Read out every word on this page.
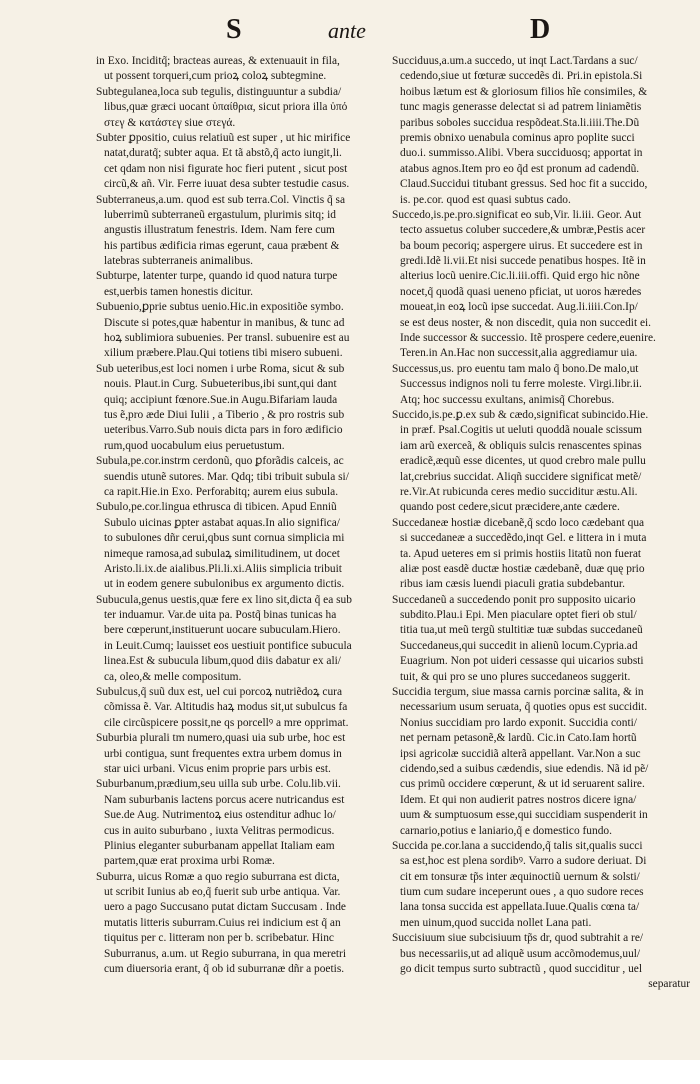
S	ante	D
in Exo. Inciditq̃; bracteas aureas, & extenuauit in fila,
ut possent torqueri,cum prioꝝ coloꝝ subtegmine.
Subtegulanea,loca sub tegulis, distinguuntur a subdia/
libus,quæ græci uocant ὑπαίθρια, sicut priora illa ὑπό
στεγ & κατάστεγ siue στεγά.
Subter ꝑpositio, cuius relatiuũ est super , ut hic mirifice
natat,duratq̃; subter aqua. Et tã abstõ,q̃ acto iungit,li.
cet qdam non nisi figurate hoc fieri putent , sicut post
circũ,& añ. Vir. Ferre iuuat desa subter testudie casus.
Subterraneus,a.um. quod est sub terra.Col. Vinctis q̃ sa
luberrimũ subterraneũ ergastulum, plurimis sitq; id
angustis illustratum fenestris. Idem. Nam fere cum
his partibus ædificia rimas egerunt, caua præbent &
latebras subterraneis animalibus.
Subturpe, latenter turpe, quando id quod natura turpe
est,uerbis tamen honestis dicitur.
Subuenio,ꝑprie subtus uenio.Hic.in expositiõe symbo.
Discute si potes,quæ habentur in manibus, & tunc ad
hoꝝ sublimiora subuenies. Per transl. subuenire est au
xilium præbere.Plau.Qui totiens tibi misero subueni.
Sub ueteribus,est loci nomen i urbe Roma, sicut & sub
nouis. Plaut.in Curg. Subueteribus,ibi sunt,qui dant
quiq; accipiunt fœnore.Sue.in Augu.Bifariam lauda
tus ẽ,pro æde Diui Iulii , a Tiberio , & pro rostris sub
ueteribus.Varro.Sub nouis dicta pars in foro ædificio
rum,quod uocabulum eius peruetustum.
Subula,pe.cor.instrm cerdonũ, quo ꝑforãdis calceis, ac
suendis utunẽ sutores. Mar. Qdq; tibi tribuit subula si/
ca rapit.Hie.in Exo. Perforabitq; aurem eius subula.
Subulo,pe.cor.lingua ethrusca di tibicen. Apud Enniũ
Subulo uicinas ꝑpter astabat aquas.In alio significa/
to subulones dñr cerui,qbus sunt cornua simplicia mi
nimeque ramosa,ad subulaꝝ similitudinem, ut docet
Aristo.li.ix.de aialibus.Pli.li.xi.Aliis simplicia tribuit
ut in eodem genere subulonibus ex argumento dictis.
Subucula,genus uestis,quæ fere ex lino sit,dicta q̃ ea sub
ter induamur. Var.de uita pa. Postq̃ binas tunicas ha
bere cœperunt,instituerunt uocare subuculam.Hiero.
in Leuit.Cumq; lauisset eos uestiuit pontifice subucula
linea.Est & subucula libum,quod diis dabatur ex ali/
ca, oleo,& melle compositum.
Subulcus,q̃ suũ dux est, uel cui porcoꝝ nutriẽdoꝝ cura
cõmissa ẽ. Var. Altitudis haꝝ modus sit,ut subulcus fa
cile circũspicere possit,ne qs porcellꝰ a mre opprimat.
Suburbia plurali tm numero,quasi uia sub urbe, hoc est
urbi contigua, sunt frequentes extra urbem domus in
star uici urbani. Vicus enim proprie pars urbis est.
Suburbanum,prædium,seu uilla sub urbe. Colu.lib.vii.
Nam suburbanis lactens porcus acere nutricandus est
Sue.de Aug. Nutrimentoꝝ eius ostenditur adhuc lo/
cus in auito suburbano , iuxta Velitras permodicus.
Plinius eleganter suburbanam appellat Italiam eam
partem,quæ erat proxima urbi Romæ.
Suburra, uicus Romæ a quo regio suburrana est dicta,
ut scribit Iunius ab eo,q̃ fuerit sub urbe antiqua. Var.
uero a pago Succusano putat dictam Succusam . Inde
mutatis litteris suburram.Cuius rei indicium est q̃ an
tiquitus per c. litteram non per b. scribebatur. Hinc
Suburranus, a.um. ut Regio suburrana, in qua meretri
cum diuersoria erant, q̃ ob id suburranæ dñr a poetis.
Succiduus,a.um.a succedo, ut inqt Lact.Tardans a suc/
cedendo,siue ut fœturæ succedẽs di. Pri.in epistola.Si
hoibus lætum est & gloriosum filios hĩe consimiles, &
tunc magis generasse delectat si ad patrem liniamẽtis
paribus soboles succidua respõdeat.Sta.li.iiii.The.Dũ
premis obnixo uenabula cominus apro poplite succi
duo.i. summisso.Alibi. Vbera succiduosq; apportat in
atabus agnos.Item pro eo q̃d est pronum ad cadendũ.
Claud.Succidui titubant gressus. Sed hoc fit a succido,
is. pe.cor. quod est quasi subtus cado.
Succedo,is.pe.pro.significat eo sub,Vir. li.iii. Geor. Aut
tecto assuetus coluber succedere,& umbræ,Pestis acer
ba boum pecoriq; aspergere uirus. Et succedere est in
gredi.Idẽ li.vii.Et nisi succede penatibus hospes. Itẽ in
alterius locũ uenire.Cic.li.iii.offi. Quid ergo hic nõne
nocet,q̃ quodã quasi ueneno pficiat, ut uoros hæredes
moueat,in eoꝝ locũ ipse succedat. Aug.li.iiii.Con.Ip/
se est deus noster, & non discedit, quia non succedit ei.
Inde successor & successio. Itẽ prospere cedere,euenire.
Teren.in An.Hac non successit,alia aggrediamur uia.
Successus,us. pro euentu tam malo q̃ bono.De malo,ut
Successus indignos noli tu ferre moleste. Virgi.libr.ii.
Atq; hoc successu exultans, animisq̃ Chorebus.
Succido,is.pe.ꝑ.ex sub & cædo,significat subincido.Hie.
in præf. Psal.Cogitis ut ueluti quoddã nouale scissum
iam arũ exerceã, & obliquis sulcis renascentes spinas
eradicẽ,æquũ esse dicentes, ut quod crebro male pullu
lat,crebrius succidat. Aliqñ succidere significat metẽ/
re.Vir.At rubicunda ceres medio succiditur æstu.Ali.
quando post cedere,sicut præcidere,ante cædere.
Succedaneæ hostiæ dicebanẽ,q̃ scdo loco cædebant qua
si succedaneæ a succedẽdo,inqt Gel. e littera in i muta
ta. Apud ueteres em si primis hostiis litatũ non fuerat
aliæ post easdẽ ductæ hostiæ cædebanẽ, duæ quę prio
ribus iam cæsis luendi piaculi gratia subdebantur.
Succedaneũ a succedendo ponit pro supposito uicario
subdito.Plau.i Epi. Men piaculare optet fieri ob stul/
titia tua,ut meũ tergũ stultitiæ tuæ subdas succedaneũ
Succedaneus,qui succedit in alienũ locum.Cypria.ad
Euagrium. Non pot uideri cessasse qui uicarios substi
tuit, & qui pro se uno plures succedaneos suggerit.
Succidia tergum, siue massa carnis porcinæ salita, & in
necessarium usum seruata, q̃ quoties opus est succidit.
Nonius succidiam pro lardo exponit. Succidia conti/
net pernam petasonẽ,& lardũ. Cic.in Cato.Iam hortũ
ipsi agricolæ succidiã alterã appellant. Var.Non a suc
cidendo,sed a suibus cædendis, siue edendis. Nã id pẽ/
cus primũ occidere cœperunt, & ut id seruarent salire.
Idem. Et qui non audierit patres nostros dicere igna/
uum & sumptuosum esse,qui succidiam suspenderit in
carnario,potius e laniario,q̃ e domestico fundo.
Succida pe.cor.lana a succidendo,q̃ talis sit,qualis succi
sa est,hoc est plena sordibꝰ. Varro a sudore deriuat. Di
cit em tonsuræ tp̃s inter æquinoctiũ uernum & solsti/
tium cum sudare inceperunt oues , a quo sudore reces
lana tonsa succida est appellata.Iuue.Qualis cœna ta/
men uinum,quod succida nollet Lana pati.
Succisiuum siue subcisiuum tp̃s dr, quod subtrahit a re/
bus necessariis,ut ad aliquẽ usum accõmodemus,uul/
go dicit tempus surto subtractũ , quod succiditur , uel
separatur
